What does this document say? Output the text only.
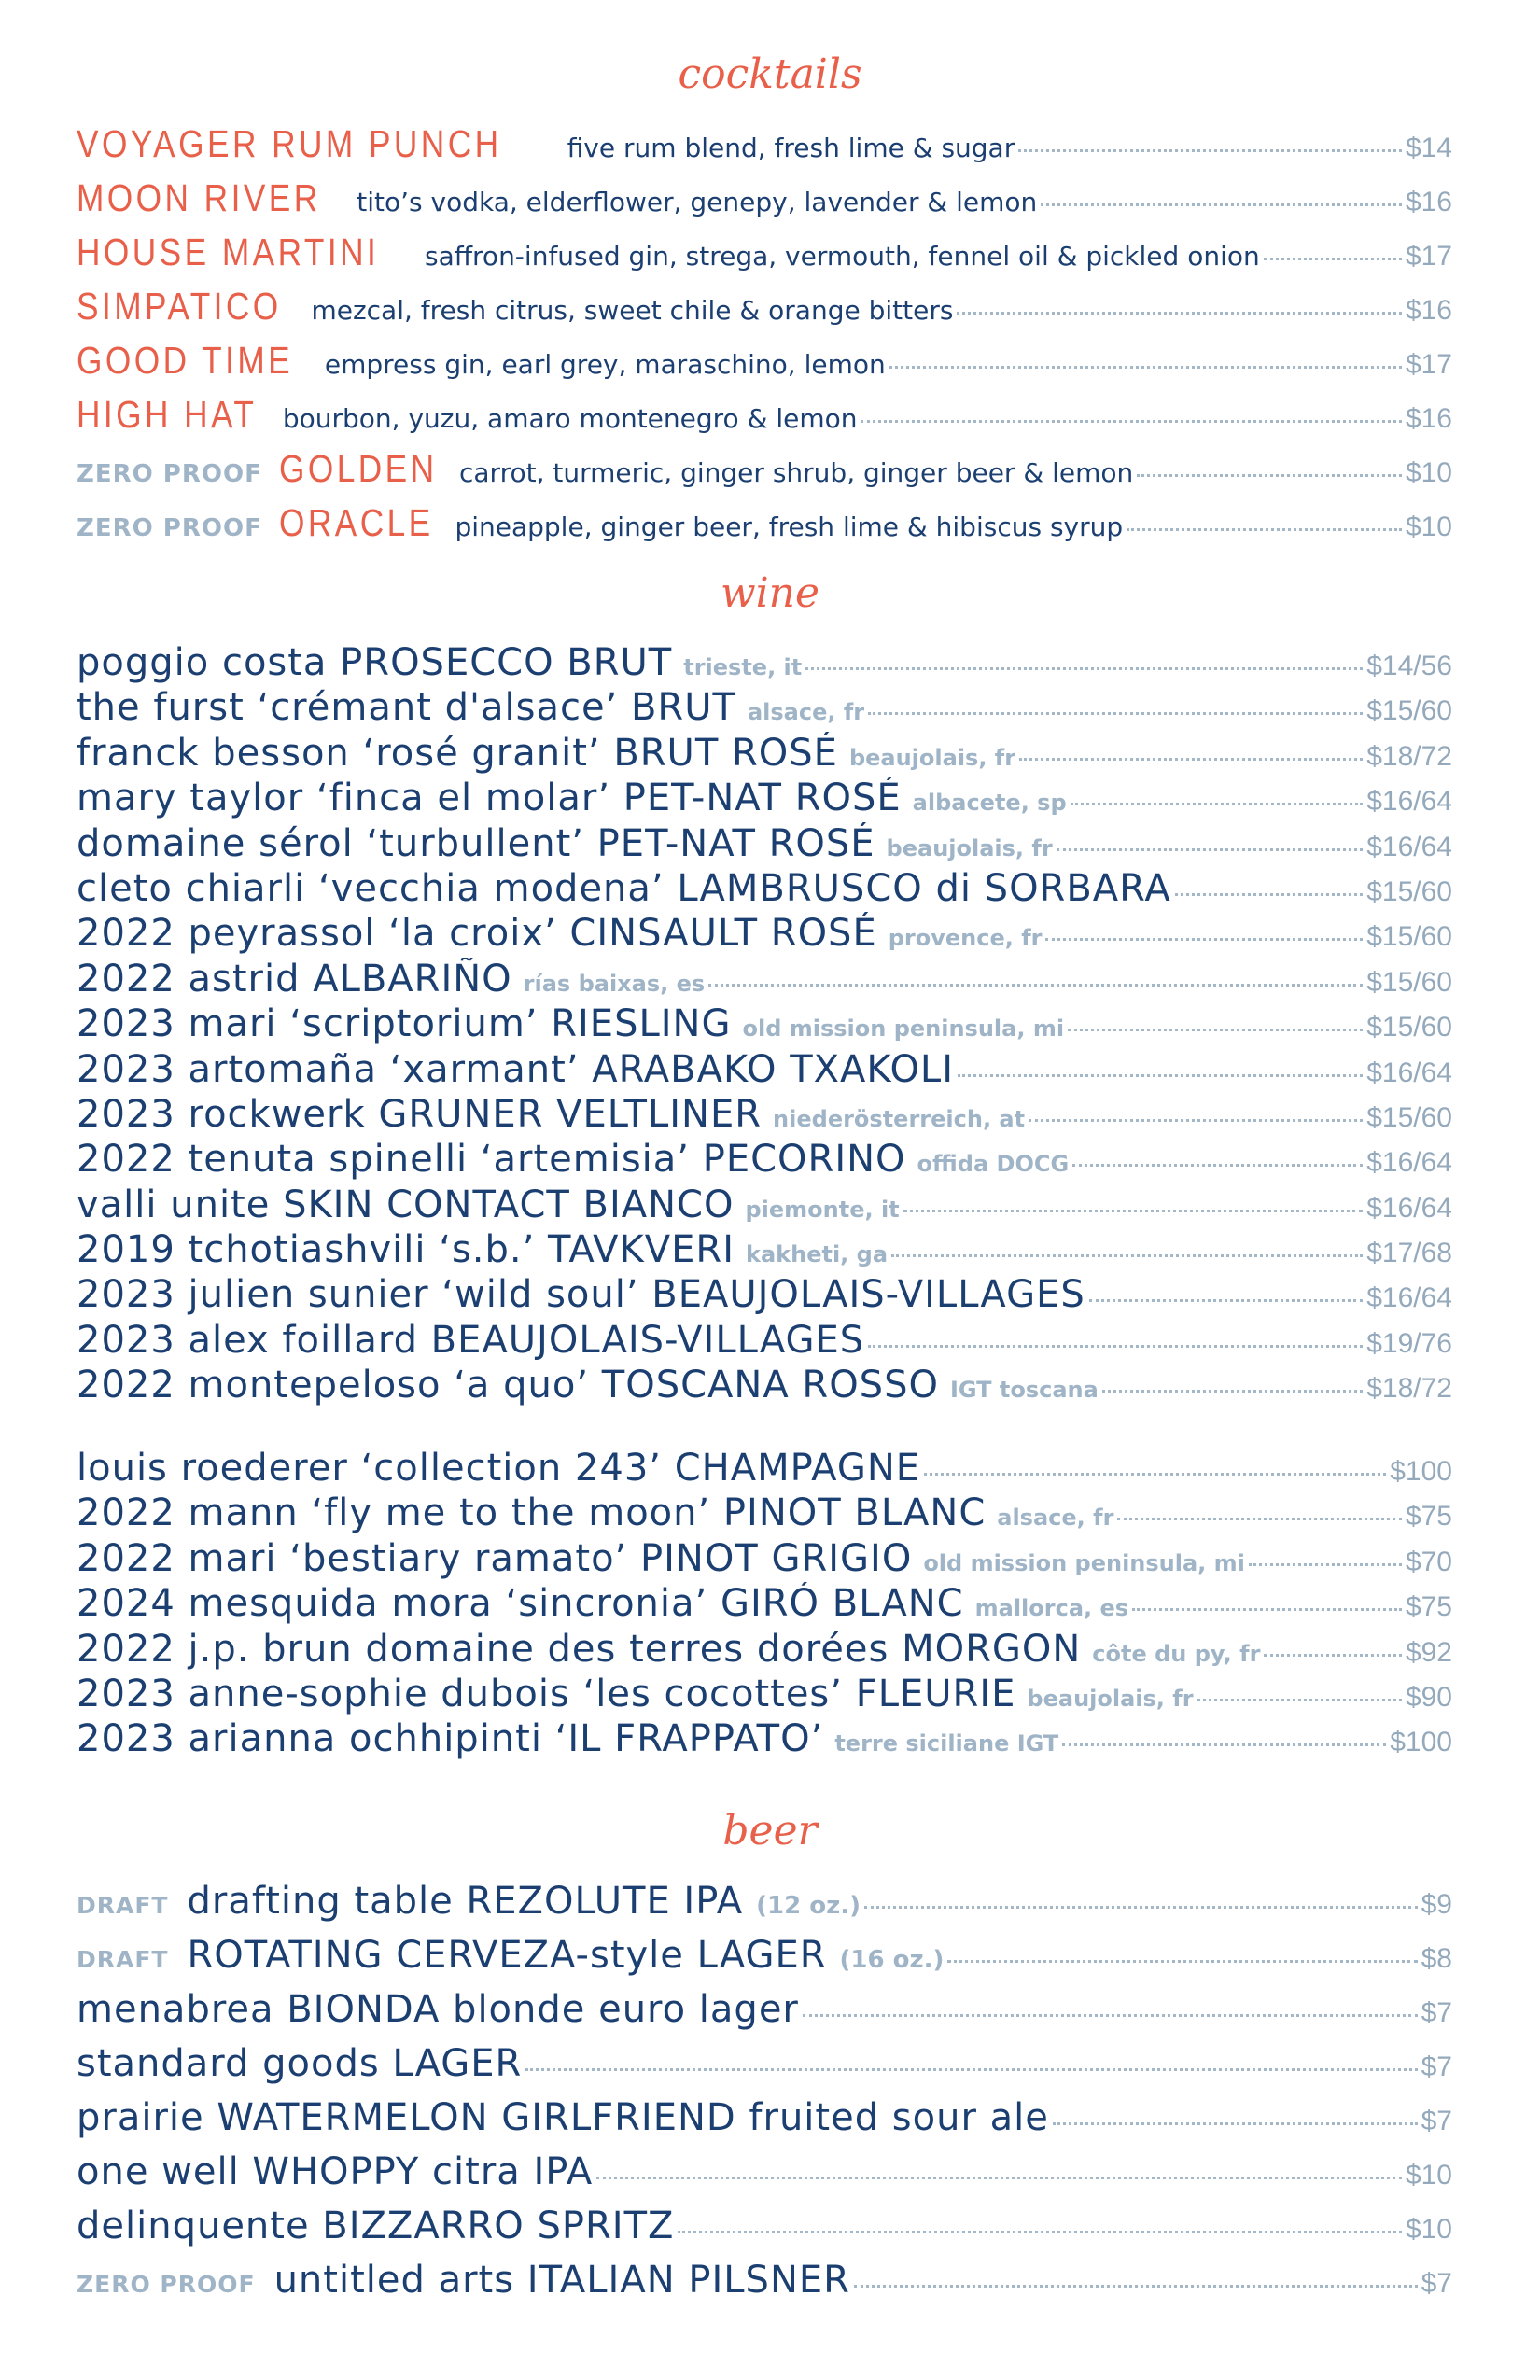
cocktails
VOYAGER RUM PUNCH	five rum blend, fresh lime & sugar	$14
MOON RIVER tito’s vodka, elderflower, genepy, lavender & lemon	$16
HOUSE MARTINI saffron-infused gin, strega, vermouth, fennel oil & pickled onion	$17
SIMPATICO mezcal, fresh citrus, sweet chile & orange bitters	$16
GOOD TIME empress gin, earl grey, maraschino, lemon	$17
HIGH HAT bourbon, yuzu, amaro montenegro & lemon	$16
ZERO PROOF GOLDEN carrot, turmeric, ginger shrub, ginger beer & lemon	$10
ZERO PROOF ORACLE pineapple, ginger beer, fresh lime & hibiscus syrup	$10
wine
poggio costa PROSECCO BRUT trieste, it	$14/56
the furst ‘crémant d'alsace’ BRUT alsace, fr	$15/60
franck besson ‘rosé granit’ BRUT ROSÉ beaujolais, fr	$18/72
mary taylor ‘finca el molar’ PET-NAT ROSÉ albacete, sp	$16/64
domaine sérol ‘turbullent’ PET-NAT ROSÉ beaujolais, fr	$16/64
cleto chiarli ‘vecchia modena’ LAMBRUSCO di SORBARA	$15/60
2022 peyrassol ‘la croix’ CINSAULT ROSÉ provence, fr	$15/60
2022 astrid ALBARIÑO rías baixas, es	$15/60
2023 mari ‘scriptorium’ RIESLING old mission peninsula, mi	$15/60
2023 artomaña ‘xarmant’ ARABAKO TXAKOLI	$16/64
2023 rockwerk GRUNER VELTLINER niederösterreich, at	$15/60
2022 tenuta spinelli ‘artemisia’ PECORINO offida DOCG	$16/64
valli unite SKIN CONTACT BIANCO piemonte, it	$16/64
2019 tchotiashvili ‘s.b.’ TAVKVERI kakheti, ga	$17/68
2023 julien sunier ‘wild soul’ BEAUJOLAIS-VILLAGES	$16/64
2023 alex foillard BEAUJOLAIS-VILLAGES	$19/76
2022 montepeloso ‘a quo’ TOSCANA ROSSO IGT toscana	$18/72
louis roederer ‘collection 243’ CHAMPAGNE	$100
2022 mann ‘fly me to the moon’ PINOT BLANC alsace, fr	$75
2022 mari ‘bestiary ramato’ PINOT GRIGIO old mission peninsula, mi	$70
2024 mesquida mora ‘sincronia’ GIRÓ BLANC mallorca, es	$75
2022 j.p. brun domaine des terres dorées MORGON côte du py, fr	$92
2023 anne-sophie dubois ‘les cocottes’ FLEURIE beaujolais, fr	$90
2023 arianna ochhipinti ‘IL FRAPPATO’ terre siciliane IGT	$100
beer
DRAFT drafting table REZOLUTE IPA (12 oz.)	$9
DRAFT ROTATING CERVEZA-style LAGER (16 oz.)	$8
menabrea BIONDA blonde euro lager	$7
standard goods LAGER	$7
prairie WATERMELON GIRLFRIEND fruited sour ale	$7
one well WHOPPY citra IPA	$10
delinquente BIZZARRO SPRITZ	$10
ZERO PROOF untitled arts ITALIAN PILSNER	$7
